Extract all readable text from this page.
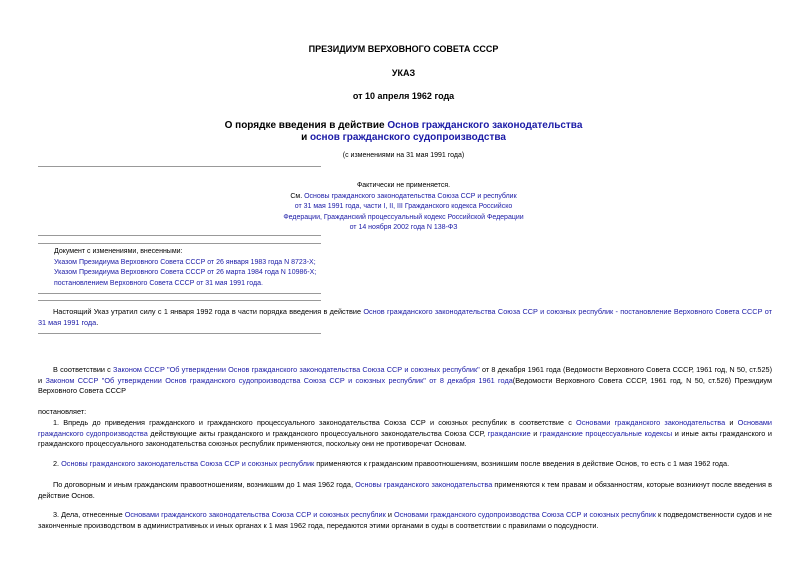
ПРЕЗИДИУМ ВЕРХОВНОГО СОВЕТА СССР
УКАЗ
от 10 апреля 1962 года
О порядке введения в действие Основ гражданского законодательства
и основ гражданского судопроизводства
(с изменениями на 31 мая 1991 года)
Фактически не применяется.
См. Основы гражданского законодательства Союза ССР и республик
от 31 мая 1991 года, части I, II, III Гражданского кодекса Российско
Федерации, Гражданский процессуальный кодекс Российской Федерации
от 14 ноября 2002 года N 138-ФЗ
Документ с изменениями, внесенными:
Указом Президиума Верховного Совета СССР от 26 января 1983 года N 8723-X;
Указом Президиума Верховного Совета СССР от 26 марта 1984 года N 10986-X;
постановлением Верховного Совета СССР от 31 мая 1991 года.
Настоящий Указ утратил силу с 1 января 1992 года в части порядка введения в действие Основ гражданского законодательства Союза ССР и союзных республик - постановление Верховного Совета СССР от 31 мая 1991 года.
В соответствии с Законом СССР "Об утверждении Основ гражданского законодательства Союза ССР и союзных республик" от 8 декабря 1961 года (Ведомости Верховного Совета СССР, 1961 год, N 50, ст.525) и Законом СССР "Об утверждении Основ гражданского судопроизводства Союза ССР и союзных республик" от 8 декабря 1961 года(Ведомости Верховного Совета СССР, 1961 год, N 50, ст.526) Президиум Верховного Совета СССР
постановляет:
1. Впредь до приведения гражданского и гражданского процессуального законодательства Союза ССР и союзных республик в соответствие с Основами гражданского законодательства и Основами гражданского судопроизводства действующие акты гражданского и гражданского процессуального законодательства Союза ССР, гражданские и гражданские процессуальные кодексы и иные акты гражданского и гражданского процессуального законодательства союзных республик применяются, поскольку они не противоречат Основам.
2. Основы гражданского законодательства Союза ССР и союзных республик применяются к гражданским правоотношениям, возникшим после введения в действие Основ, то есть с 1 мая 1962 года.
По договорным и иным гражданским правоотношениям, возникшим до 1 мая 1962 года, Основы гражданского законодательства применяются к тем правам и обязанностям, которые возникнут после введения в действие Основ.
3. Дела, отнесенные Основами гражданского законодательства Союза ССР и союзных республик и Основами гражданского судопроизводства Союза ССР и союзных республик к подведомственности судов и не законченные производством в административных и иных органах к 1 мая 1962 года, передаются этими органами в суды в соответствии с правилами о подсудности.
